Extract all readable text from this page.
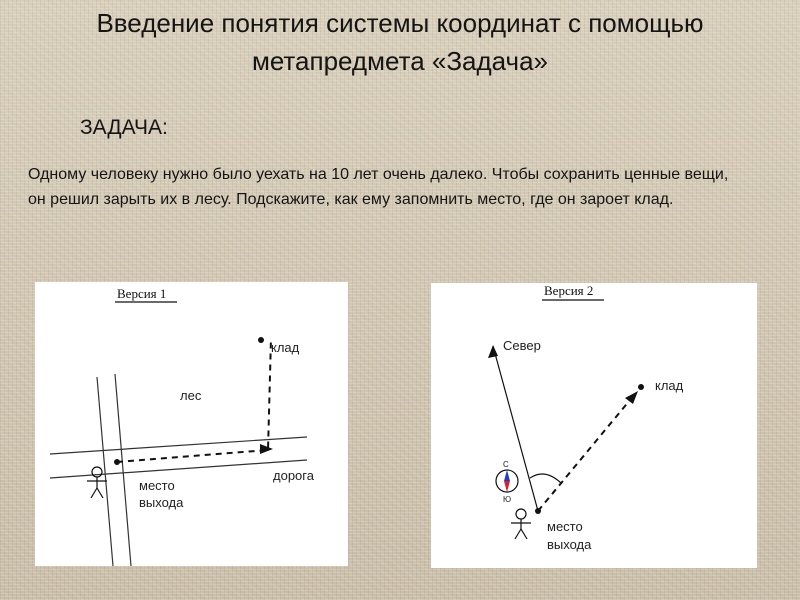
Введение понятия системы координат с помощью метапредмета «Задача»
ЗАДАЧА:
Одному человеку нужно было уехать на 10 лет очень далеко. Чтобы сохранить ценные вещи, он решил зарыть их в лесу. Подскажите, как ему запомнить место, где он зароет клад.
Версия 1
клад
лес
дорога
место
выхода
Версия 2
Север
клад
место
выхода
С
Ю
